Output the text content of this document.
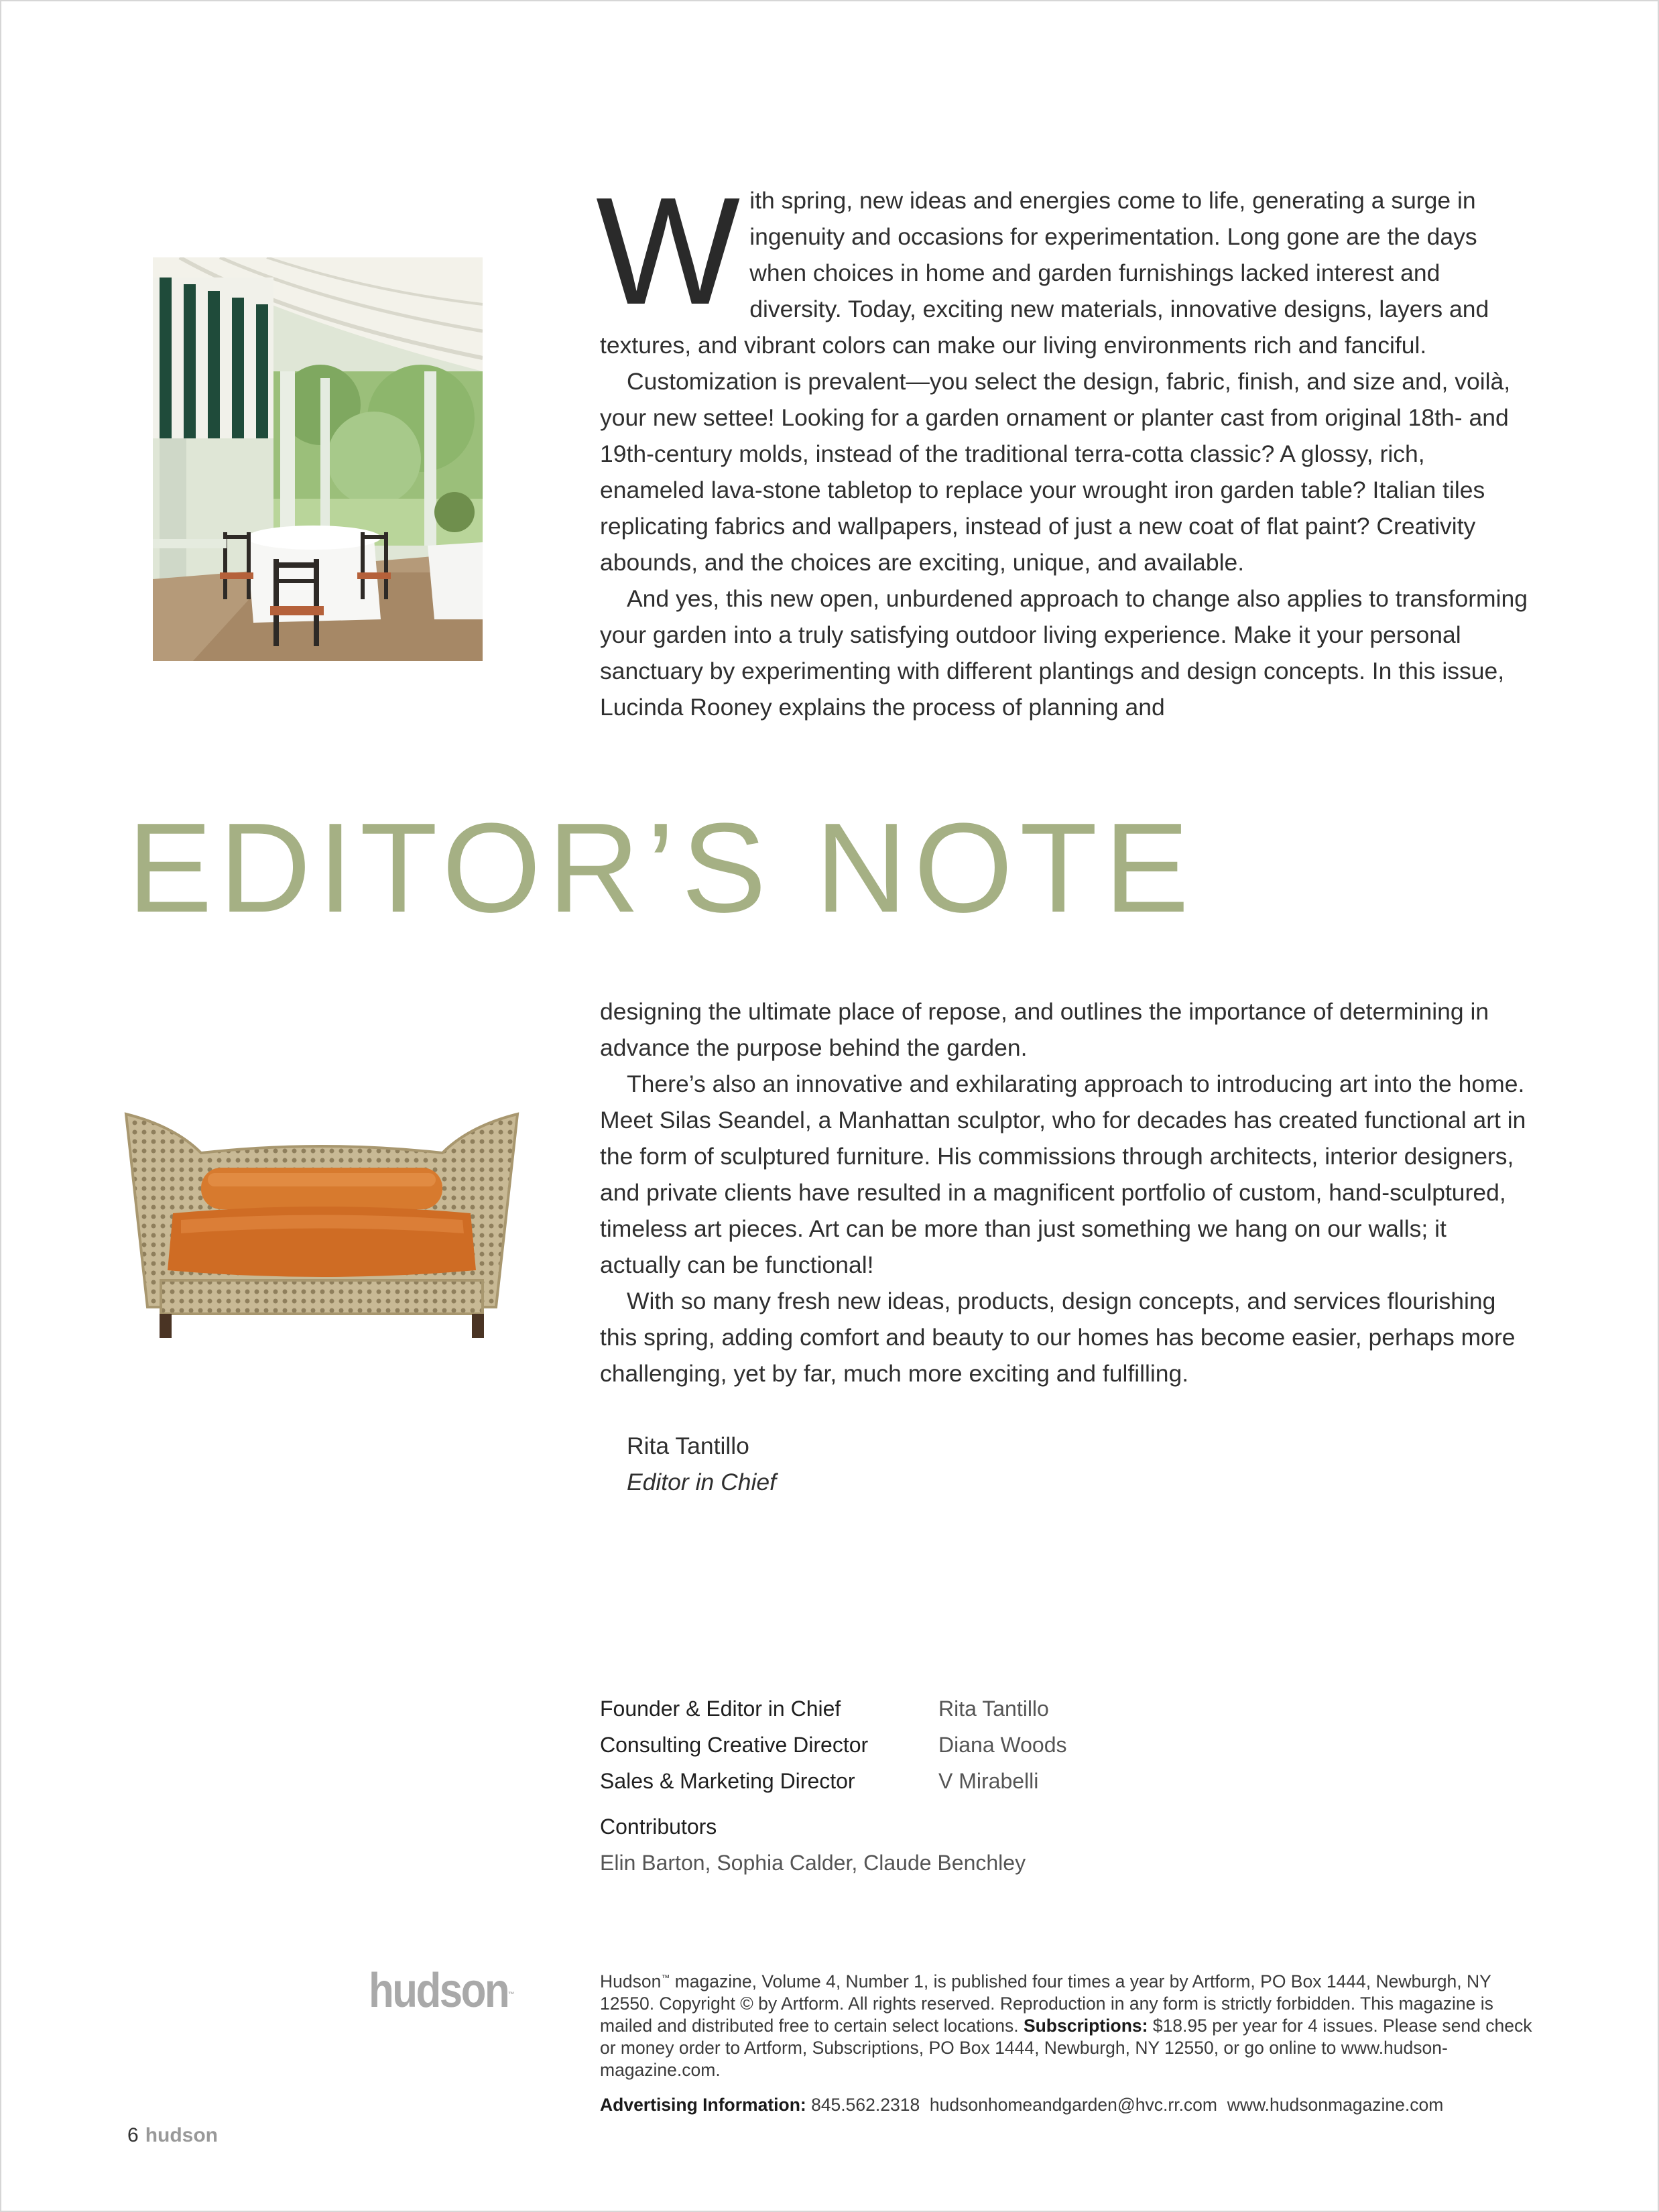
W ith spring, new ideas and energies come to life, generating a surge in ingenuity and occasions for experimentation. Long gone are the days when choices in home and garden furnishings lacked interest and diversity. Today, exciting new materials, innovative designs, layers and textures, and vibrant colors can make our living environments rich and fanciful.

Customization is prevalent—you select the design, fabric, finish, and size and, voilà, your new settee! Looking for a garden ornament or planter cast from original 18th- and 19th-century molds, instead of the traditional terra-cotta classic? A glossy, rich, enameled lava-stone tabletop to replace your wrought iron garden table? Italian tiles replicating fabrics and wallpapers, instead of just a new coat of flat paint? Creativity abounds, and the choices are exciting, unique, and available.

And yes, this new open, unburdened approach to change also applies to transforming your garden into a truly satisfying outdoor living experience. Make it your personal sanctuary by experimenting with different plantings and design concepts. In this issue, Lucinda Rooney explains the process of planning and

EDITOR’S NOTE

designing the ultimate place of repose, and outlines the importance of determining in advance the purpose behind the garden.

There’s also an innovative and exhilarating approach to introducing art into the home. Meet Silas Seandel, a Manhattan sculptor, who for decades has created functional art in the form of sculptured furniture. His commissions through architects, interior designers, and private clients have resulted in a magnificent portfolio of custom, hand-sculptured, timeless art pieces. Art can be more than just something we hang on our walls; it actually can be functional!

With so many fresh new ideas, products, design concepts, and services flourishing this spring, adding comfort and beauty to our homes has become easier, perhaps more challenging, yet by far, much more exciting and fulfilling.

Rita Tantillo
Editor in Chief
Founder & Editor in Chief	Rita Tantillo
Consulting Creative Director	Diana Woods
Sales & Marketing Director	V Mirabelli
Contributors
Elin Barton, Sophia Calder, Claude Benchley
hudson™
Hudson™ magazine, Volume 4, Number 1, is published four times a year by Artform, PO Box 1444, Newburgh, NY 12550. Copyright © by Artform. All rights reserved. Reproduction in any form is strictly forbidden. This magazine is mailed and distributed free to certain select locations. Subscriptions: $18.95 per year for 4 issues. Please send check or money order to Artform, Subscriptions, PO Box 1444, Newburgh, NY 12550, or go online to www.hudson-magazine.com.
Advertising Information: 845.562.2318 hudsonhomeandgarden@hvc.rr.com www.hudsonmagazine.com
6 hudson
